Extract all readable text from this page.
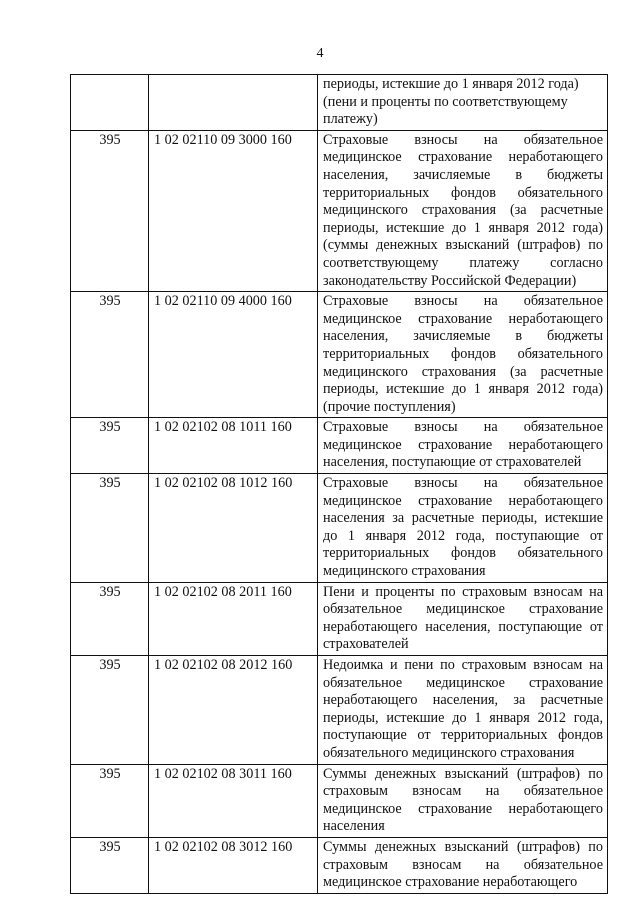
4
		периоды, истекшие до 1 января 2012 года) (пени и проценты по соответствующему платежу)
395	1 02 02110 09 3000 160	Страховые взносы на обязательное медицинское страхование неработающего населения, зачисляемые в бюджеты территориальных фондов обязательного медицинского страхования (за расчетные периоды, истекшие до 1 января 2012 года) (суммы денежных взысканий (штрафов) по соответствующему платежу согласно законодательству Российской Федерации)
395	1 02 02110 09 4000 160	Страховые взносы на обязательное медицинское страхование неработающего населения, зачисляемые в бюджеты территориальных фондов обязательного медицинского страхования (за расчетные периоды, истекшие до 1 января 2012 года) (прочие поступления)
395	1 02 02102 08 1011 160	Страховые взносы на обязательное медицинское страхование неработающего населения, поступающие от страхователей
395	1 02 02102 08 1012 160	Страховые взносы на обязательное медицинское страхование неработающего населения за расчетные периоды, истекшие до 1 января 2012 года, поступающие от территориальных фондов обязательного медицинского страхования
395	1 02 02102 08 2011 160	Пени и проценты по страховым взносам на обязательное медицинское страхование неработающего населения, поступающие от страхователей
395	1 02 02102 08 2012 160	Недоимка и пени по страховым взносам на обязательное медицинское страхование неработающего населения, за расчетные периоды, истекшие до 1 января 2012 года, поступающие от территориальных фондов обязательного медицинского страхования
395	1 02 02102 08 3011 160	Суммы денежных взысканий (штрафов) по страховым взносам на обязательное медицинское страхование неработающего населения
395	1 02 02102 08 3012 160	Суммы денежных взысканий (штрафов) по страховым взносам на обязательное медицинское страхование неработающего
